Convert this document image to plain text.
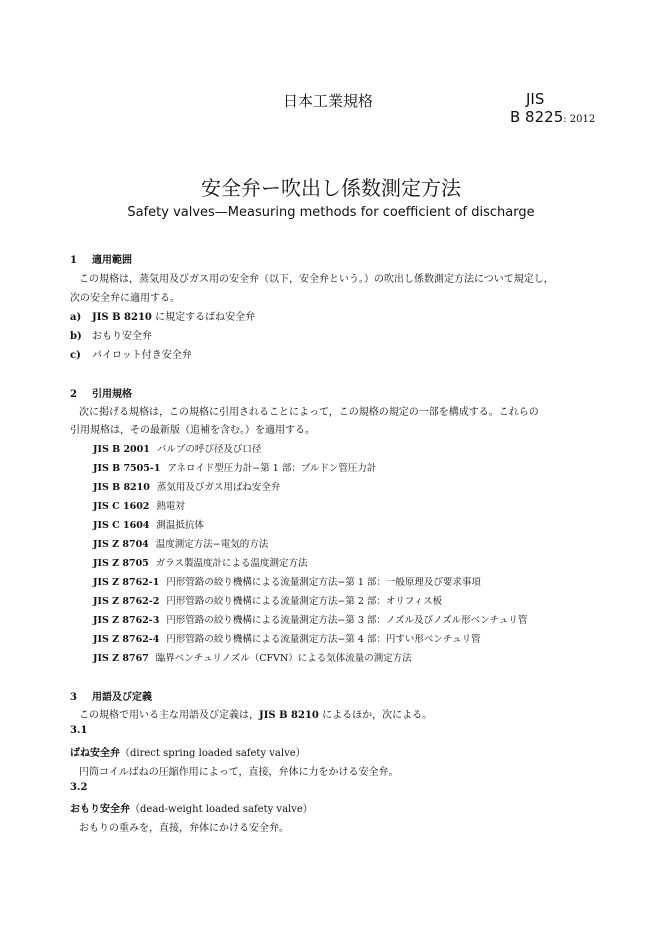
日本工業規格	JIS
B 8225: 2012
安全弁ー吹出し係数測定方法
Safety valves—Measuring methods for coefficient of discharge
1 適用範囲
この規格は，蒸気用及びガス用の安全弁（以下，安全弁という。）の吹出し係数測定方法について規定し，
次の安全弁に適用する。
a) JIS B 8210 に規定するばね安全弁
b) おもり安全弁
c) パイロット付き安全弁
2 引用規格
次に掲げる規格は，この規格に引用されることによって，この規格の規定の一部を構成する。これらの
引用規格は，その最新版（追補を含む。）を適用する。
JIS B 2001 バルブの呼び径及び口径
JIS B 7505-1 アネロイド型圧力計−第 1 部：ブルドン管圧力計
JIS B 8210 蒸気用及びガス用ばね安全弁
JIS C 1602 熱電対
JIS C 1604 測温抵抗体
JIS Z 8704 温度測定方法−電気的方法
JIS Z 8705 ガラス製温度計による温度測定方法
JIS Z 8762-1 円形管路の絞り機構による流量測定方法−第 1 部：一般原理及び要求事項
JIS Z 8762-2 円形管路の絞り機構による流量測定方法−第 2 部：オリフィス板
JIS Z 8762-3 円形管路の絞り機構による流量測定方法−第 3 部：ノズル及びノズル形ベンチュリ管
JIS Z 8762-4 円形管路の絞り機構による流量測定方法−第 4 部：円すい形ベンチュリ管
JIS Z 8767 臨界ベンチュリノズル（CFVN）による気体流量の測定方法
3 用語及び定義
この規格で用いる主な用語及び定義は，JIS B 8210 によるほか，次による。
3.1
ばね安全弁（direct spring loaded safety valve）
円筒コイルばねの圧縮作用によって，直接，弁体に力をかける安全弁。
3.2
おもり安全弁（dead-weight loaded safety valve）
おもりの重みを，直接，弁体にかける安全弁。
